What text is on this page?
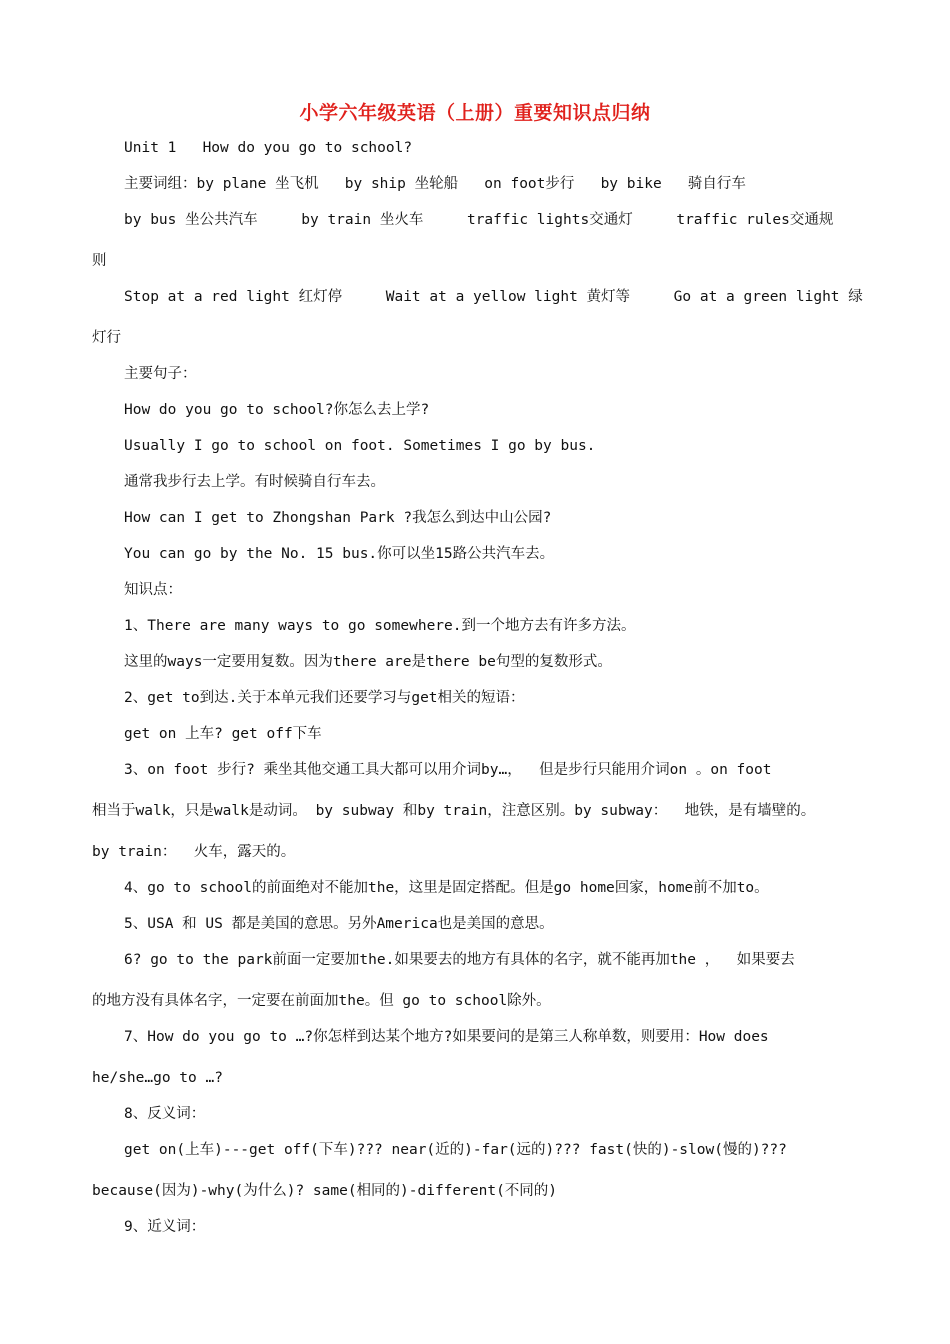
小学六年级英语（上册）重要知识点归纳
Unit 1   How do you go to school?
主要词组：by plane 坐飞机   by ship 坐轮船   on foot步行   by bike   骑自行车
by bus 坐公共汽车     by train 坐火车     traffic lights交通灯     traffic rules交通规
则
Stop at a red light 红灯停     Wait at a yellow light 黄灯等     Go at a green light 绿
灯行
主要句子：
How do you go to school?你怎么去上学?
Usually I go to school on foot. Sometimes I go by bus.
通常我步行去上学。有时候骑自行车去。
How can I get to Zhongshan Park ?我怎么到达中山公园?
You can go by the No. 15 bus.你可以坐15路公共汽车去。
知识点：
1、There are many ways to go somewhere.到一个地方去有许多方法。
这里的ways一定要用复数。因为there are是there be句型的复数形式。
2、get to到达.关于本单元我们还要学习与get相关的短语：
get on 上车? get off下车
3、on foot 步行? 乘坐其他交通工具大都可以用介词by…，  但是步行只能用介词on 。on foot
相当于walk，只是walk是动词。 by subway 和by train，注意区别。by subway：  地铁，是有墙壁的。
by train：  火车，露天的。
4、go to school的前面绝对不能加the，这里是固定搭配。但是go home回家，home前不加to。
5、USA 和 US 都是美国的意思。另外America也是美国的意思。
6? go to the park前面一定要加the.如果要去的地方有具体的名字，就不能再加the ，  如果要去
的地方没有具体名字，一定要在前面加the。但 go to school除外。
7、How do you go to …?你怎样到达某个地方?如果要问的是第三人称单数，则要用：How does
he/she…go to …?
8、反义词：
get on(上车)---get off(下车)??? near(近的)-far(远的)??? fast(快的)-slow(慢的)???
because(因为)-why(为什么)? same(相同的)-different(不同的)
9、近义词：
